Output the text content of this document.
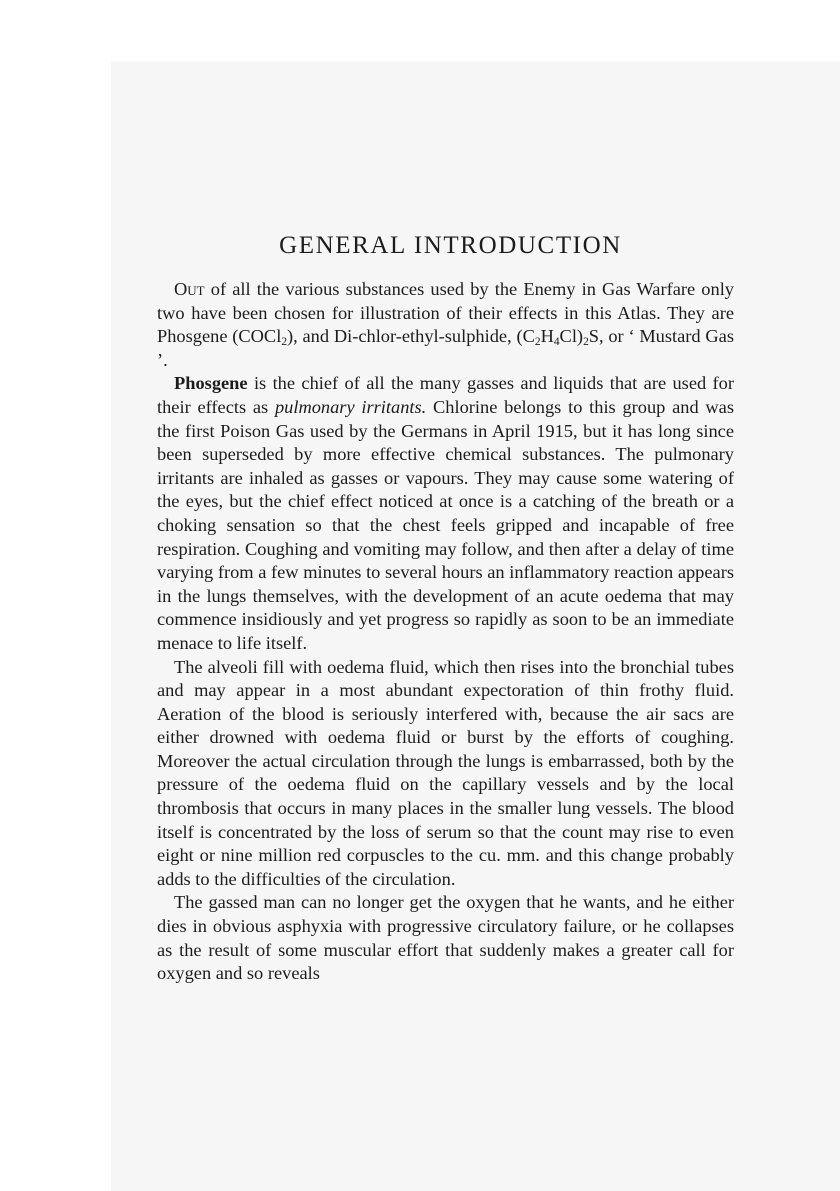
GENERAL INTRODUCTION

Out of all the various substances used by the Enemy in Gas Warfare only two have been chosen for illustration of their effects in this Atlas. They are Phosgene (COCl$_2$), and Di-chlor-ethyl-sulphide, $(C_2H_4Cl)_2S$, or ‘ Mustard Gas ’.

Phosgene is the chief of all the many gasses and liquids that are used for their effects as pulmonary irritants. Chlorine belongs to this group and was the first Poison Gas used by the Germans in April 1915, but it has long since been superseded by more effective chemical substances. The pulmonary irritants are inhaled as gasses or vapours. They may cause some watering of the eyes, but the chief effect noticed at once is a catching of the breath or a choking sensation so that the chest feels gripped and incapable of free respiration. Coughing and vomiting may follow, and then after a delay of time varying from a few minutes to several hours an inflammatory reaction appears in the lungs themselves, with the development of an acute oedema that may commence insidiously and yet progress so rapidly as soon to be an immediate menace to life itself.

The alveoli fill with oedema fluid, which then rises into the bronchial tubes and may appear in a most abundant expectoration of thin frothy fluid. Aeration of the blood is seriously interfered with, because the air sacs are either drowned with oedema fluid or burst by the efforts of coughing. Moreover the actual circulation through the lungs is embarrassed, both by the pressure of the oedema fluid on the capillary vessels and by the local thrombosis that occurs in many places in the smaller lung vessels. The blood itself is concentrated by the loss of serum so that the count may rise to even eight or nine million red corpuscles to the cu. mm. and this change probably adds to the difficulties of the circulation.

The gassed man can no longer get the oxygen that he wants, and he either dies in obvious asphyxia with progressive circulatory failure, or he collapses as the result of some muscular effort that suddenly makes a greater call for oxygen and so reveals
